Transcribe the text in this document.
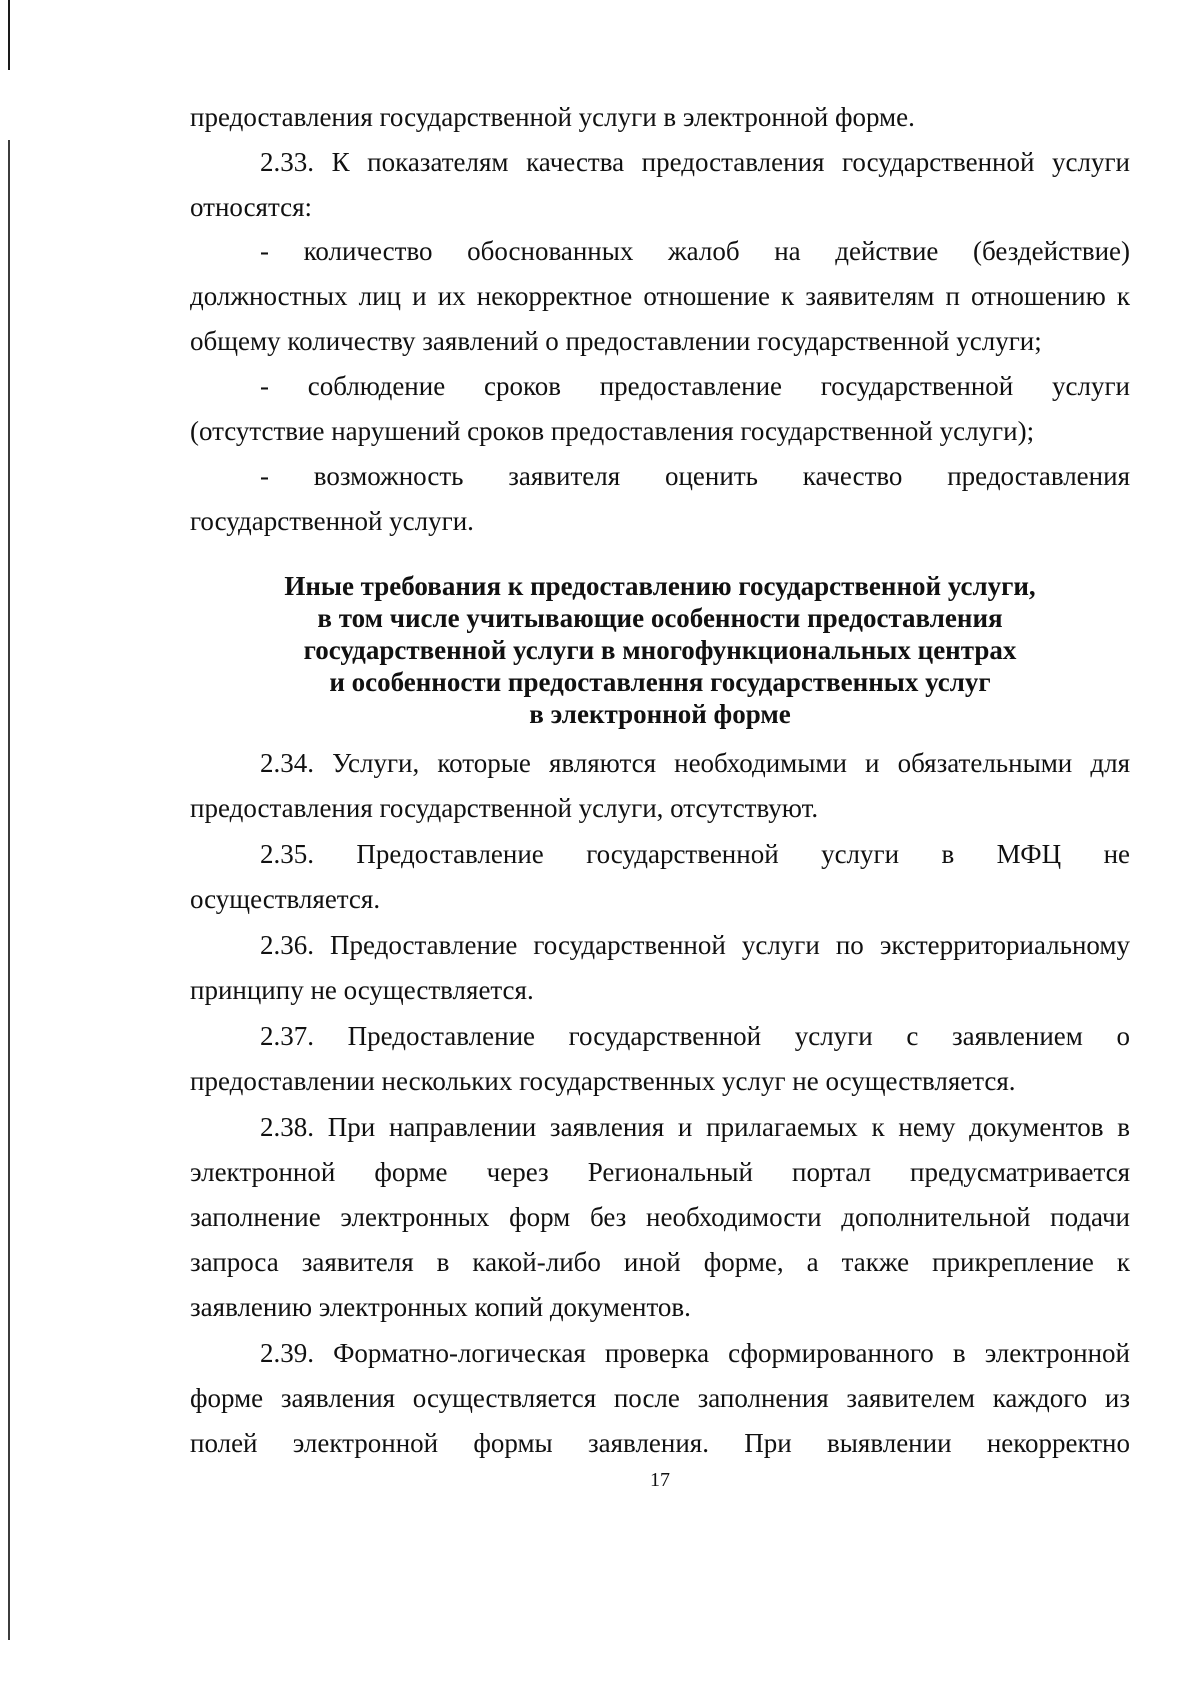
предоставления государственной услуги в электронной форме.
2.33. К показателям качества предоставления государственной услуги
относятся:
- количество обоснованных жалоб на действие (бездействие)
должностных лиц и их некорректное отношение к заявителям п отношению к
общему количеству заявлений о предоставлении государственной услуги;
- соблюдение сроков предоставление государственной услуги
(отсутствие нарушений сроков предоставления государственной услуги);
- возможность заявителя оценить качество предоставления
государственной услуги.
Иные требования к предоставлению государственной услуги,
в том числе учитывающие особенности предоставления
государственной услуги в многофункциональных центрах
и особенности предоставлення государственных услуг
в электронной форме
2.34. Услуги, которые являются необходимыми и обязательными для
предоставления государственной услуги, отсутствуют.
2.35. Предоставление государственной услуги в МФЦ не
осуществляется.
2.36. Предоставление государственной услуги по экстерриториальному
принципу не осуществляется.
2.37. Предоставление государственной услуги с заявлением о
предоставлении нескольких государственных услуг не осуществляется.
2.38. При направлении заявления и прилагаемых к нему документов в
электронной форме через Региональный портал предусматривается
заполнение электронных форм без необходимости дополнительной подачи
запроса заявителя в какой-либо иной форме, а также прикрепление к
заявлению электронных копий документов.
2.39. Форматно-логическая проверка сформированного в электронной
форме заявления осуществляется после заполнения заявителем каждого из
полей электронной формы заявления. При выявлении некорректно
17
